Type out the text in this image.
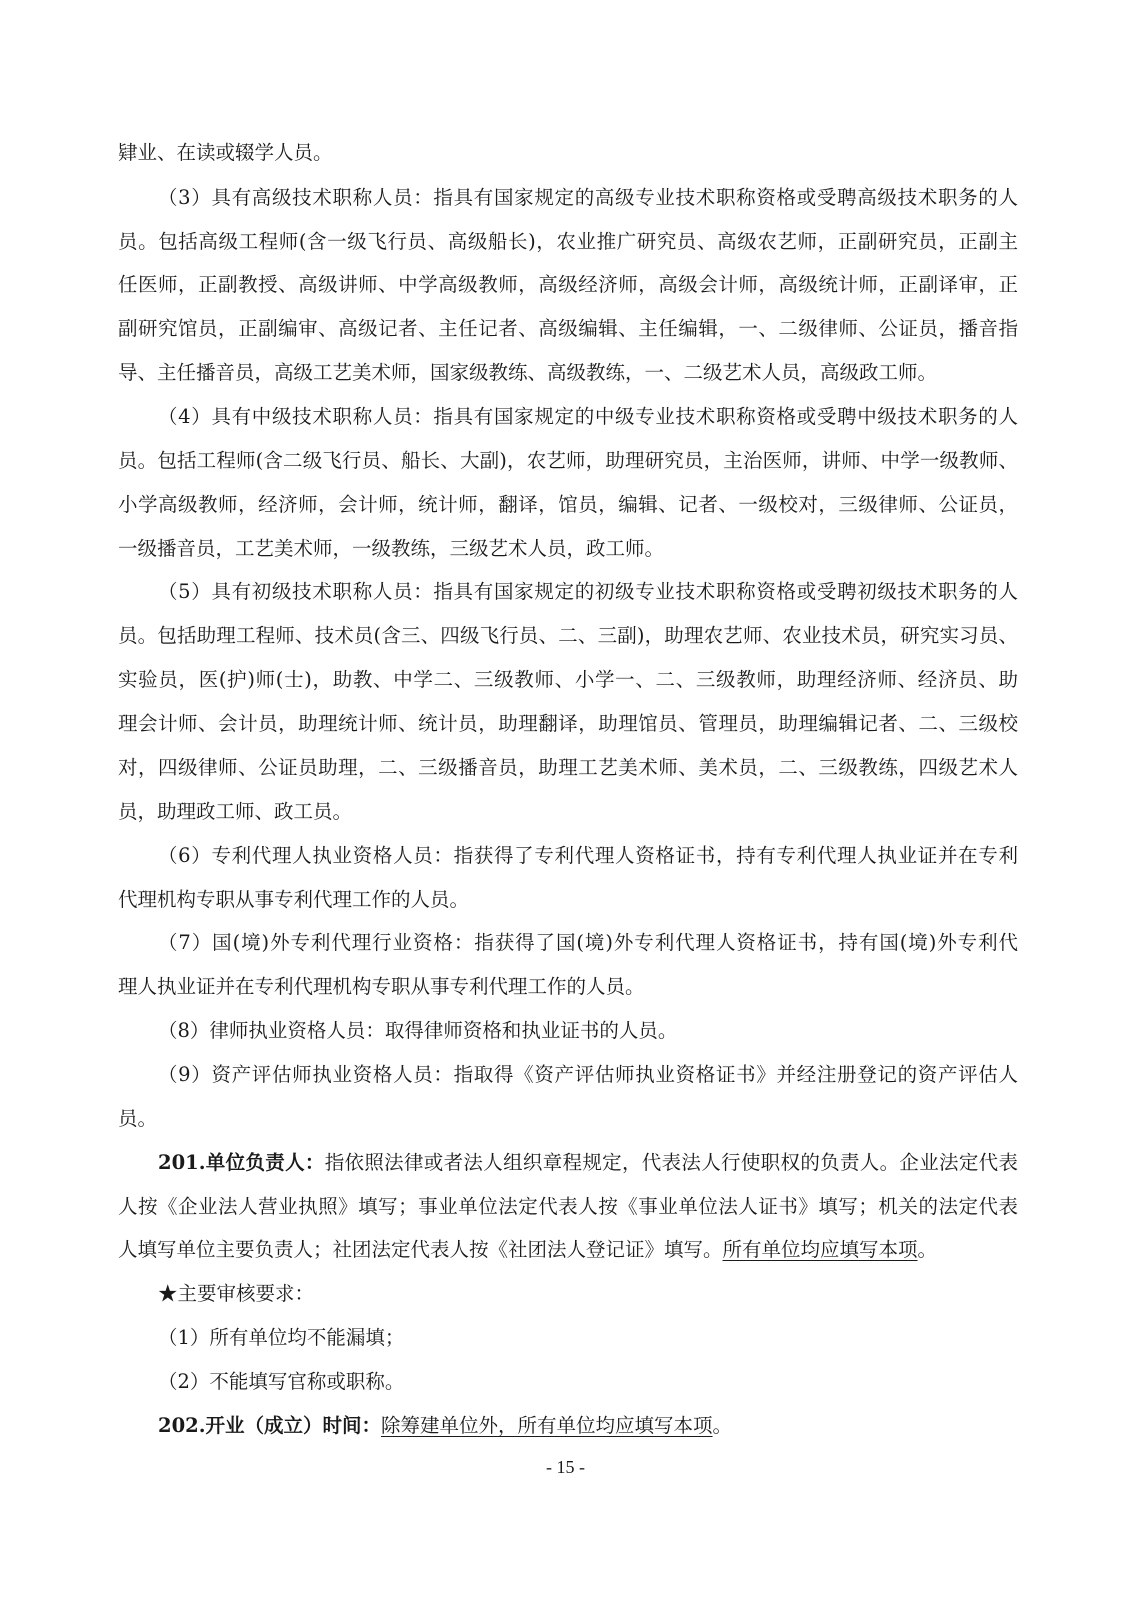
肄业、在读或辍学人员。
（3）具有高级技术职称人员：指具有国家规定的高级专业技术职称资格或受聘高级技术职务的人
员。包括高级工程师(含一级飞行员、高级船长)，农业推广研究员、高级农艺师，正副研究员，正副主
任医师，正副教授、高级讲师、中学高级教师，高级经济师，高级会计师，高级统计师，正副译审，正
副研究馆员，正副编审、高级记者、主任记者、高级编辑、主任编辑，一、二级律师、公证员，播音指
导、主任播音员，高级工艺美术师，国家级教练、高级教练，一、二级艺术人员，高级政工师。
（4）具有中级技术职称人员：指具有国家规定的中级专业技术职称资格或受聘中级技术职务的人
员。包括工程师(含二级飞行员、船长、大副)，农艺师，助理研究员，主治医师，讲师、中学一级教师、
小学高级教师，经济师，会计师，统计师，翻译，馆员，编辑、记者、一级校对，三级律师、公证员，
一级播音员，工艺美术师，一级教练，三级艺术人员，政工师。
（5）具有初级技术职称人员：指具有国家规定的初级专业技术职称资格或受聘初级技术职务的人
员。包括助理工程师、技术员(含三、四级飞行员、二、三副)，助理农艺师、农业技术员，研究实习员、
实验员，医(护)师(士)，助教、中学二、三级教师、小学一、二、三级教师，助理经济师、经济员、助
理会计师、会计员，助理统计师、统计员，助理翻译，助理馆员、管理员，助理编辑记者、二、三级校
对，四级律师、公证员助理，二、三级播音员，助理工艺美术师、美术员，二、三级教练，四级艺术人
员，助理政工师、政工员。
（6）专利代理人执业资格人员：指获得了专利代理人资格证书，持有专利代理人执业证并在专利
代理机构专职从事专利代理工作的人员。
（7）国(境)外专利代理行业资格：指获得了国(境)外专利代理人资格证书，持有国(境)外专利代
理人执业证并在专利代理机构专职从事专利代理工作的人员。
（8）律师执业资格人员：取得律师资格和执业证书的人员。
（9）资产评估师执业资格人员：指取得《资产评估师执业资格证书》并经注册登记的资产评估人
员。
201.单位负责人：指依照法律或者法人组织章程规定，代表法人行使职权的负责人。企业法定代表
人按《企业法人营业执照》填写；事业单位法定代表人按《事业单位法人证书》填写；机关的法定代表
人填写单位主要负责人；社团法定代表人按《社团法人登记证》填写。所有单位均应填写本项。
★主要审核要求：
（1）所有单位均不能漏填；
（2）不能填写官称或职称。
202.开业（成立）时间：除筹建单位外，所有单位均应填写本项。
- 15 -
